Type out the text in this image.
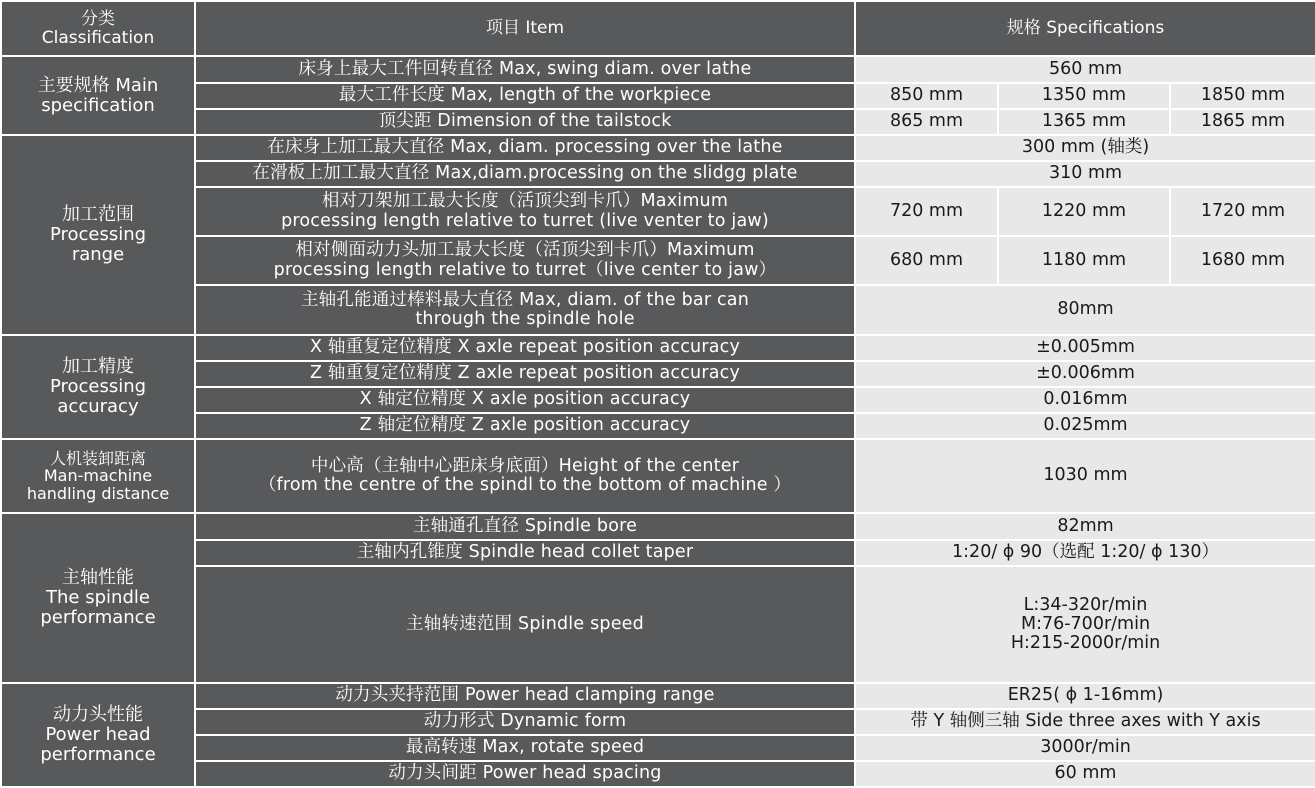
分类
Classification	项目 Item	规格 Specifications		

主要规格 Main
specification	床身上最大工件回转直径 Max, swing diam. over lathe	560 mm		
	最大工件长度 Max, length of the workpiece	850 mm	1350 mm	1850 mm
	顶尖距 Dimension of the tailstock	865 mm	1365 mm	1865 mm

加工范围
Processing
range	在床身上加工最大直径 Max, diam. processing over the lathe	300 mm (轴类)		
	在滑板上加工最大直径 Max,diam.processing on the slidgg plate	310 mm		

	相对刀架加工最大长度（活顶尖到卡爪）Maximum
processing length relative to turret (live venter to jaw)	720 mm	1220 mm	1720 mm

	相对侧面动力头加工最大长度（活顶尖到卡爪）Maximum
processing length relative to turret（live center to jaw）	680 mm	1180 mm	1680 mm

	主轴孔能通过棒料最大直径 Max, diam. of the bar can
through the spindle hole	80mm		

加工精度
Processing
accuracy	X 轴重复定位精度 X axle repeat position accuracy	±0.005mm		
	Z 轴重复定位精度 Z axle repeat position accuracy	±0.006mm		
	X 轴定位精度 X axle position accuracy	0.016mm		
	Z 轴定位精度 Z axle position accuracy	0.025mm		

人机装卸距离
Man-machine
handling distance	中心高（主轴中心距床身底面）Height of the center
（from the centre of the spindl to the bottom of machine ）	1030 mm		

主轴性能
The spindle
performance	主轴通孔直径 Spindle bore	82mm		
	主轴内孔锥度 Spindle head collet taper	1:20/ ϕ 90（选配 1:20/ ϕ 130）		
	主轴转速范围 Spindle speed	L:34-320r/min
M:76-700r/min
H:215-2000r/min		

动力头性能
Power head
performance	动力头夹持范围 Power head clamping range	ER25( ϕ 1-16mm)		
	动力形式 Dynamic form	带 Y 轴侧三轴 Side three axes with Y axis		
	最高转速 Max, rotate speed	3000r/min		
	动力头间距 Power head spacing	60 mm		
